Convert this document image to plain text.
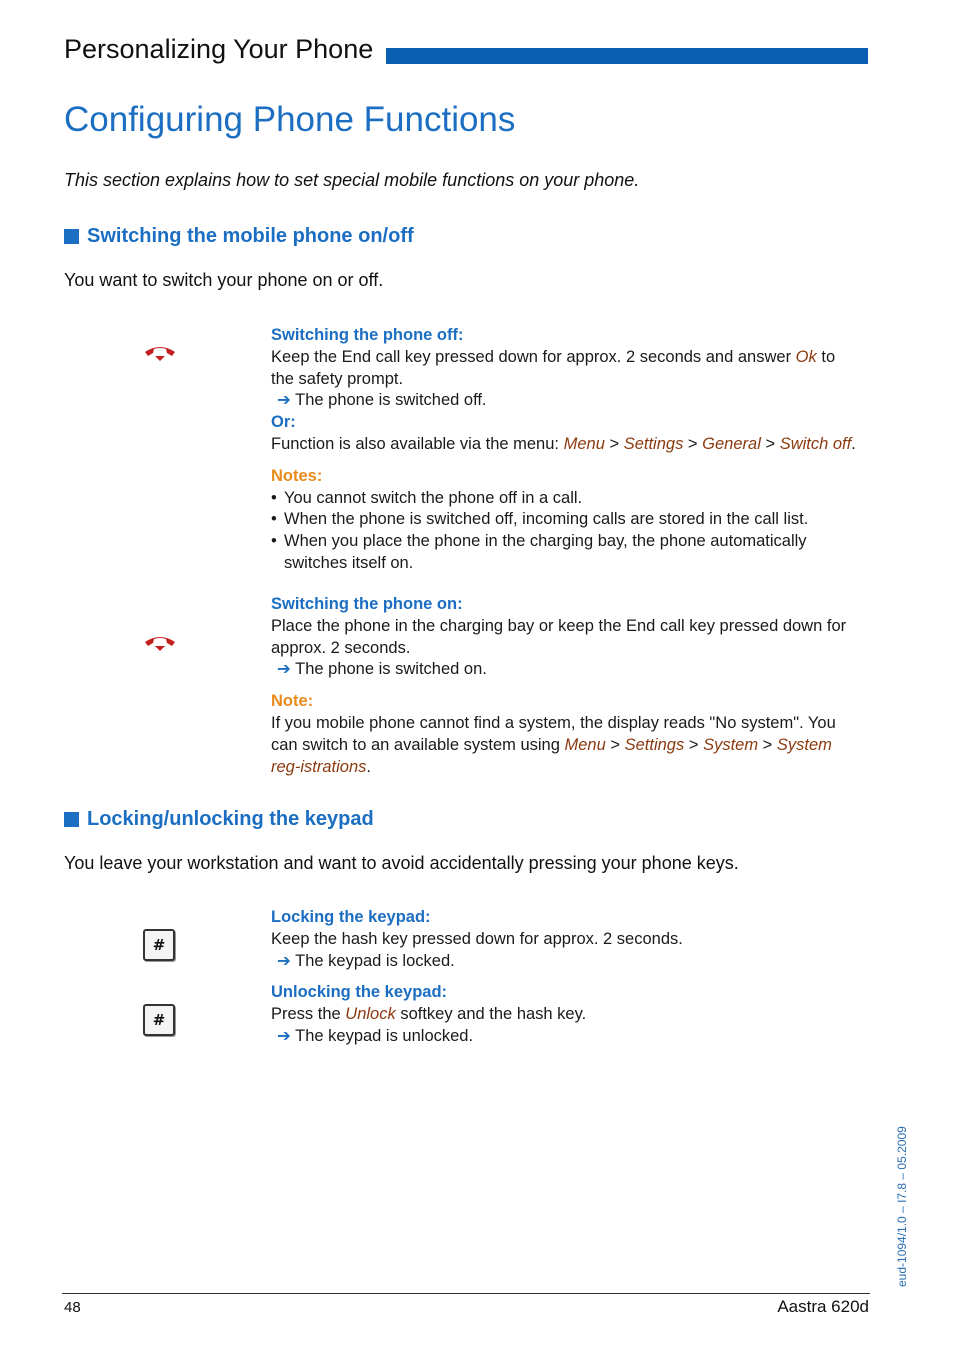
Personalizing Your Phone
Configuring Phone Functions
This section explains how to set special mobile functions on your phone.
Switching the mobile phone on/off
You want to switch your phone on or off.
Switching the phone off:
Keep the End call key pressed down for approx. 2 seconds and answer Ok to the safety prompt.
➔ The phone is switched off.
Or:
Function is also available via the menu: Menu > Settings > General > Switch off.
Notes:
• You cannot switch the phone off in a call.
• When the phone is switched off, incoming calls are stored in the call list.
• When you place the phone in the charging bay, the phone automatically switches itself on.
Switching the phone on:
Place the phone in the charging bay or keep the End call key pressed down for approx. 2 seconds.
➔ The phone is switched on.
Note:
If you mobile phone cannot find a system, the display reads "No system". You can switch to an available system using Menu > Settings > System > System reg-istrations.
Locking/unlocking the keypad
You leave your workstation and want to avoid accidentally pressing your phone keys.
#
Locking the keypad:
Keep the hash key pressed down for approx. 2 seconds.
➔ The keypad is locked.
#
Unlocking the keypad:
Press the Unlock softkey and the hash key.
➔ The keypad is unlocked.
eud-1094/1.0 – I7.8 – 05.2009
48	Aastra 620d
